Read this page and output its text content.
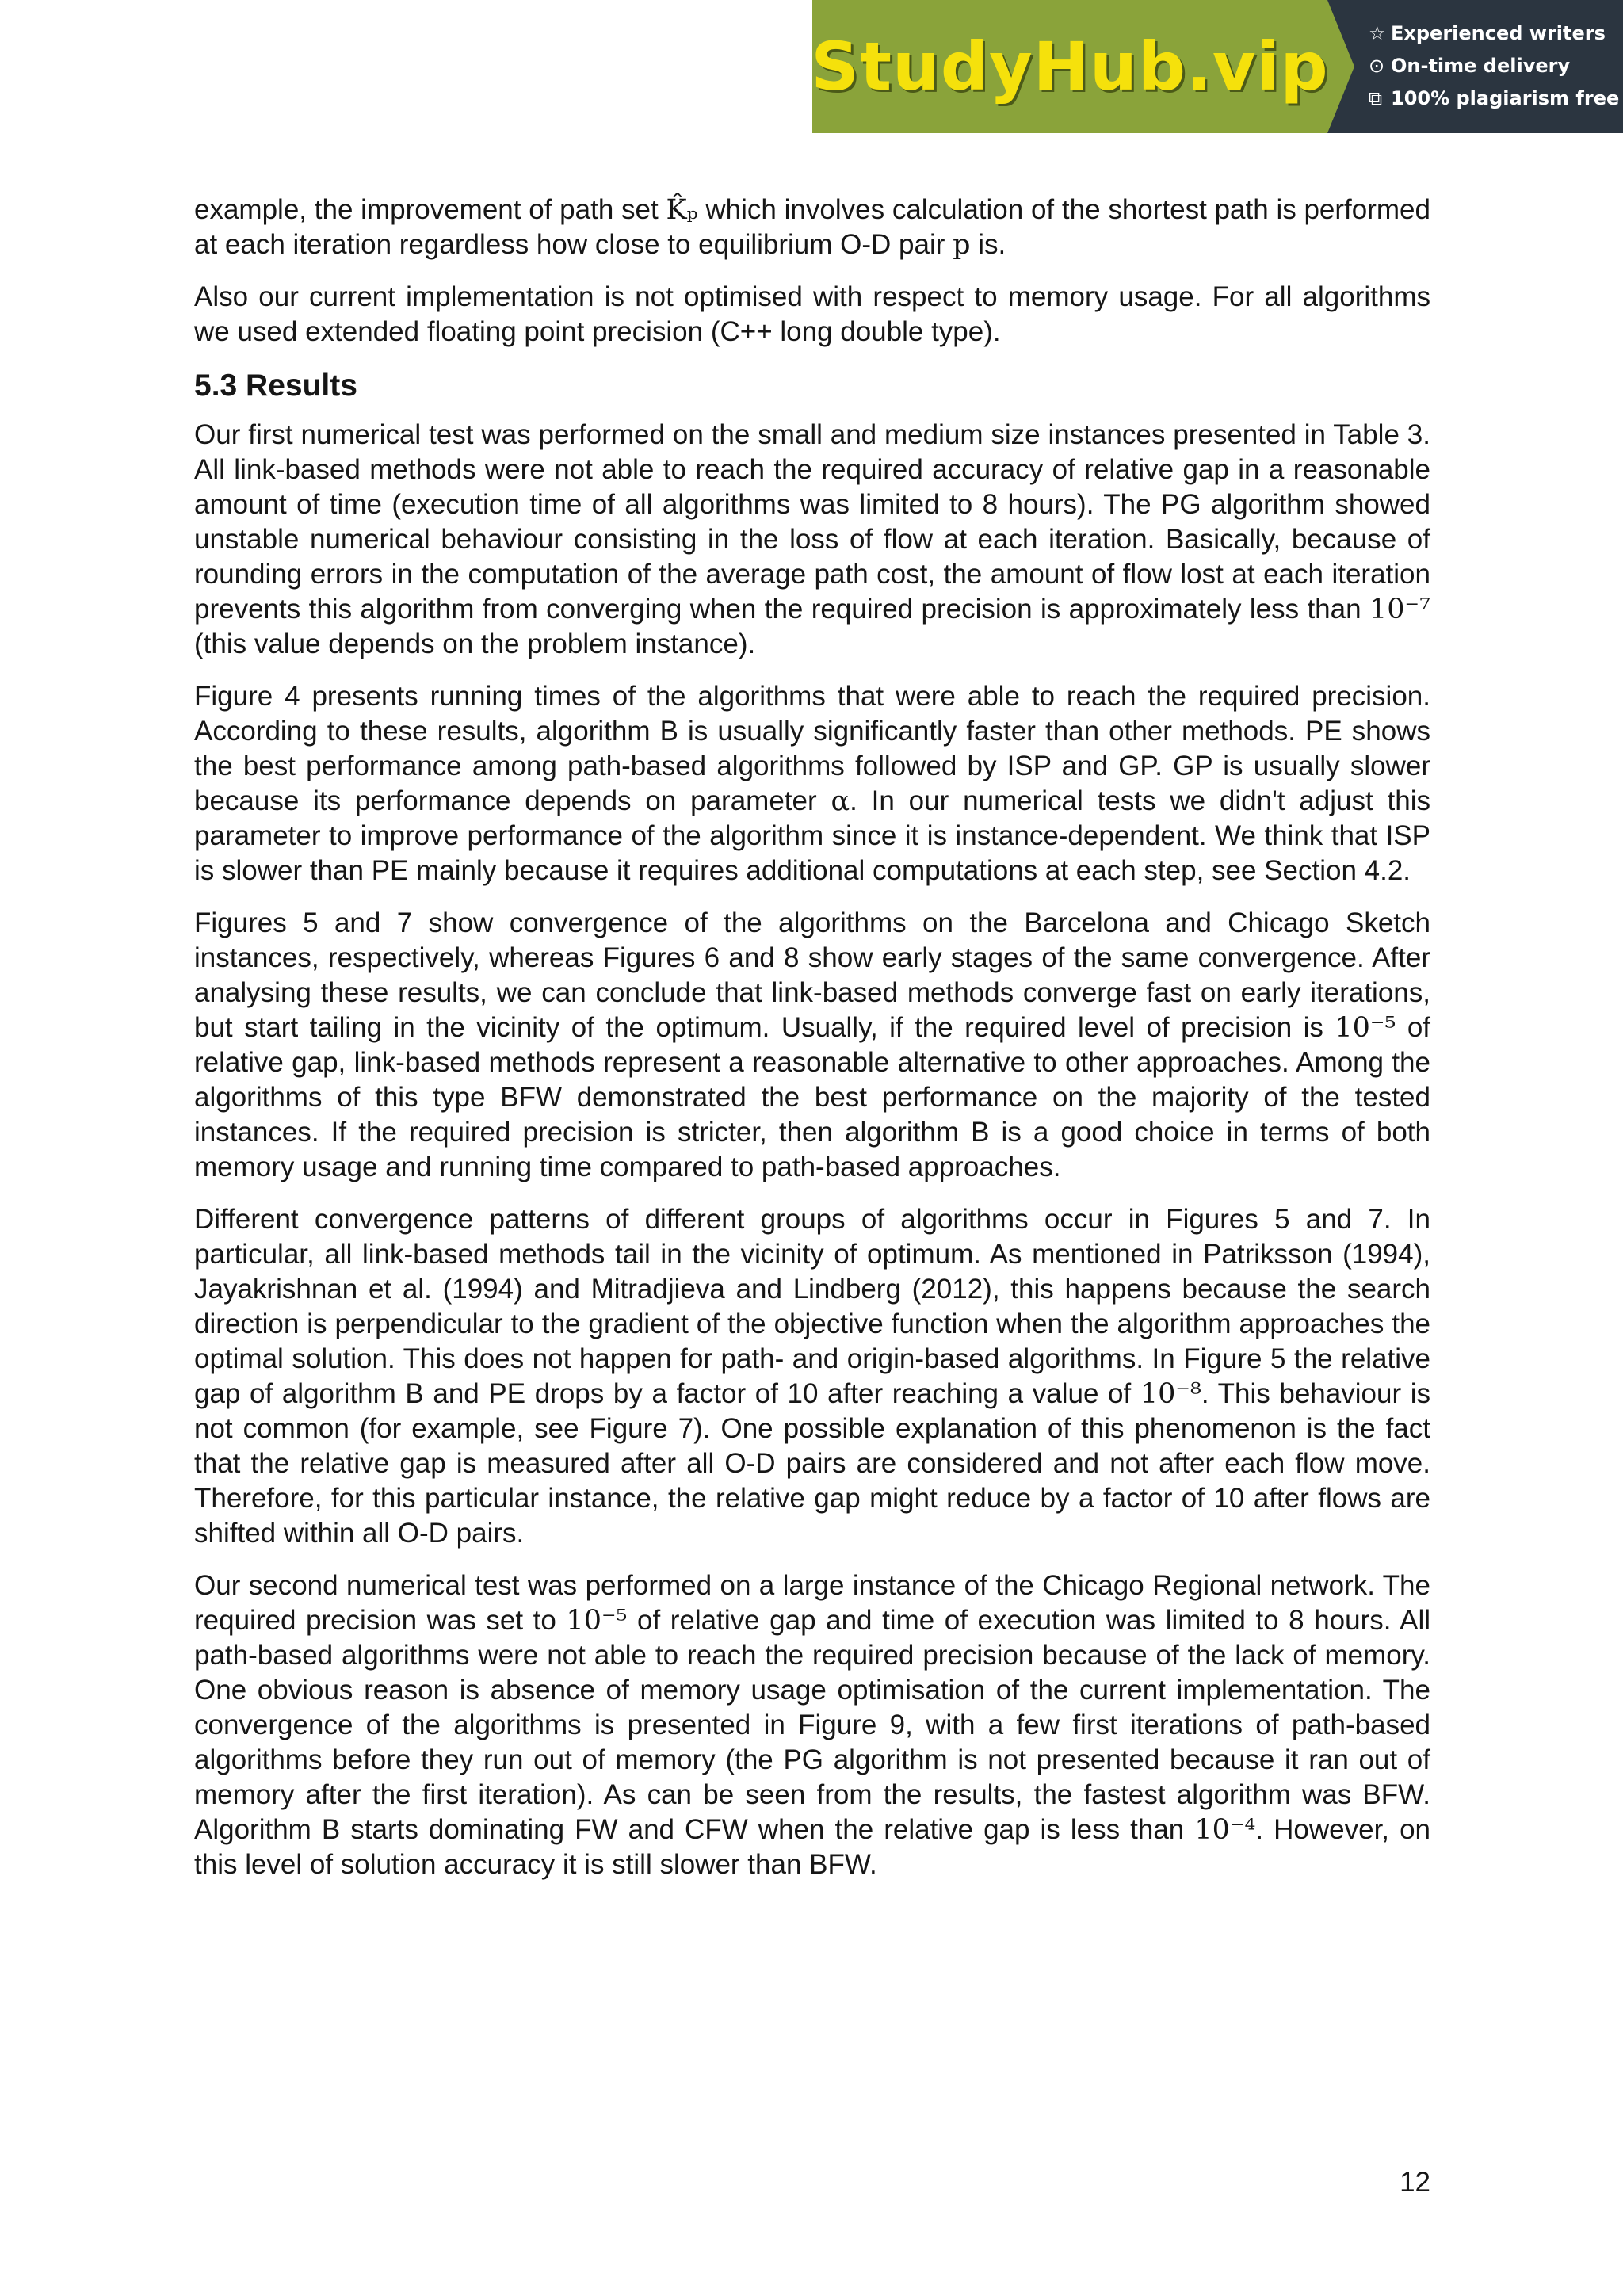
StudyHub.vip ☆ Experienced writers
⊙ On-time delivery
⧉ 100% plagiarism free

example, the improvement of path set K̂ₚ which involves calculation of the shortest path is performed at each iteration regardless how close to equilibrium O-D pair p is.

Also our current implementation is not optimised with respect to memory usage. For all algorithms we used extended floating point precision (C++ long double type).

5.3 Results

Our first numerical test was performed on the small and medium size instances presented in Table 3. All link-based methods were not able to reach the required accuracy of relative gap in a reasonable amount of time (execution time of all algorithms was limited to 8 hours). The PG algorithm showed unstable numerical behaviour consisting in the loss of flow at each iteration. Basically, because of rounding errors in the computation of the average path cost, the amount of flow lost at each iteration prevents this algorithm from converging when the required precision is approximately less than 10⁻⁷ (this value depends on the problem instance).

Figure 4 presents running times of the algorithms that were able to reach the required precision. According to these results, algorithm B is usually significantly faster than other methods. PE shows the best performance among path-based algorithms followed by ISP and GP. GP is usually slower because its performance depends on parameter α. In our numerical tests we didn't adjust this parameter to improve performance of the algorithm since it is instance-dependent. We think that ISP is slower than PE mainly because it requires additional computations at each step, see Section 4.2.

Figures 5 and 7 show convergence of the algorithms on the Barcelona and Chicago Sketch instances, respectively, whereas Figures 6 and 8 show early stages of the same convergence. After analysing these results, we can conclude that link-based methods converge fast on early iterations, but start tailing in the vicinity of the optimum. Usually, if the required level of precision is 10⁻⁵ of relative gap, link-based methods represent a reasonable alternative to other approaches. Among the algorithms of this type BFW demonstrated the best performance on the majority of the tested instances. If the required precision is stricter, then algorithm B is a good choice in terms of both memory usage and running time compared to path-based approaches.

Different convergence patterns of different groups of algorithms occur in Figures 5 and 7. In particular, all link-based methods tail in the vicinity of optimum. As mentioned in Patriksson (1994), Jayakrishnan et al. (1994) and Mitradjieva and Lindberg (2012), this happens because the search direction is perpendicular to the gradient of the objective function when the algorithm approaches the optimal solution. This does not happen for path- and origin-based algorithms. In Figure 5 the relative gap of algorithm B and PE drops by a factor of 10 after reaching a value of 10⁻⁸. This behaviour is not common (for example, see Figure 7). One possible explanation of this phenomenon is the fact that the relative gap is measured after all O-D pairs are considered and not after each flow move. Therefore, for this particular instance, the relative gap might reduce by a factor of 10 after flows are shifted within all O-D pairs.

Our second numerical test was performed on a large instance of the Chicago Regional network. The required precision was set to 10⁻⁵ of relative gap and time of execution was limited to 8 hours. All path-based algorithms were not able to reach the required precision because of the lack of memory. One obvious reason is absence of memory usage optimisation of the current implementation. The convergence of the algorithms is presented in Figure 9, with a few first iterations of path-based algorithms before they run out of memory (the PG algorithm is not presented because it ran out of memory after the first iteration). As can be seen from the results, the fastest algorithm was BFW. Algorithm B starts dominating FW and CFW when the relative gap is less than 10⁻⁴. However, on this level of solution accuracy it is still slower than BFW.

12
